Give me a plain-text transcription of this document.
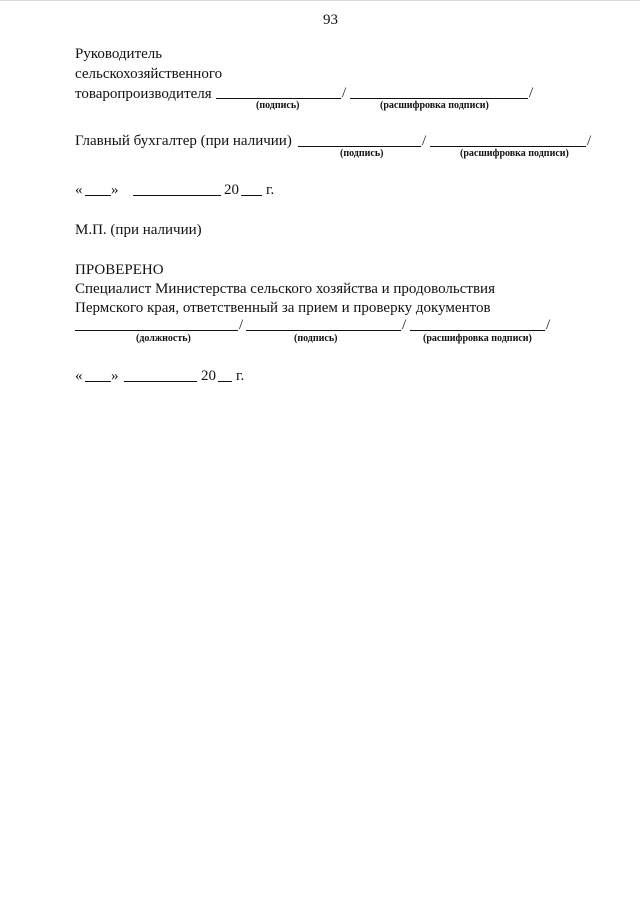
93
Руководитель
сельскохозяйственного
товаропроизводителя	/	/
(подпись)	(расшифровка подписи)
Главный бухгалтер (при наличии)	/	/
(подпись)	(расшифровка подписи)
« »	20 г.
М.П. (при наличии)
ПРОВЕРЕНО
Специалист Министерства сельского хозяйства и продовольствия
Пермского края, ответственный за прием и проверку документов
/	/	/
(должность)	(подпись)	(расшифровка подписи)
« »	20 г.
